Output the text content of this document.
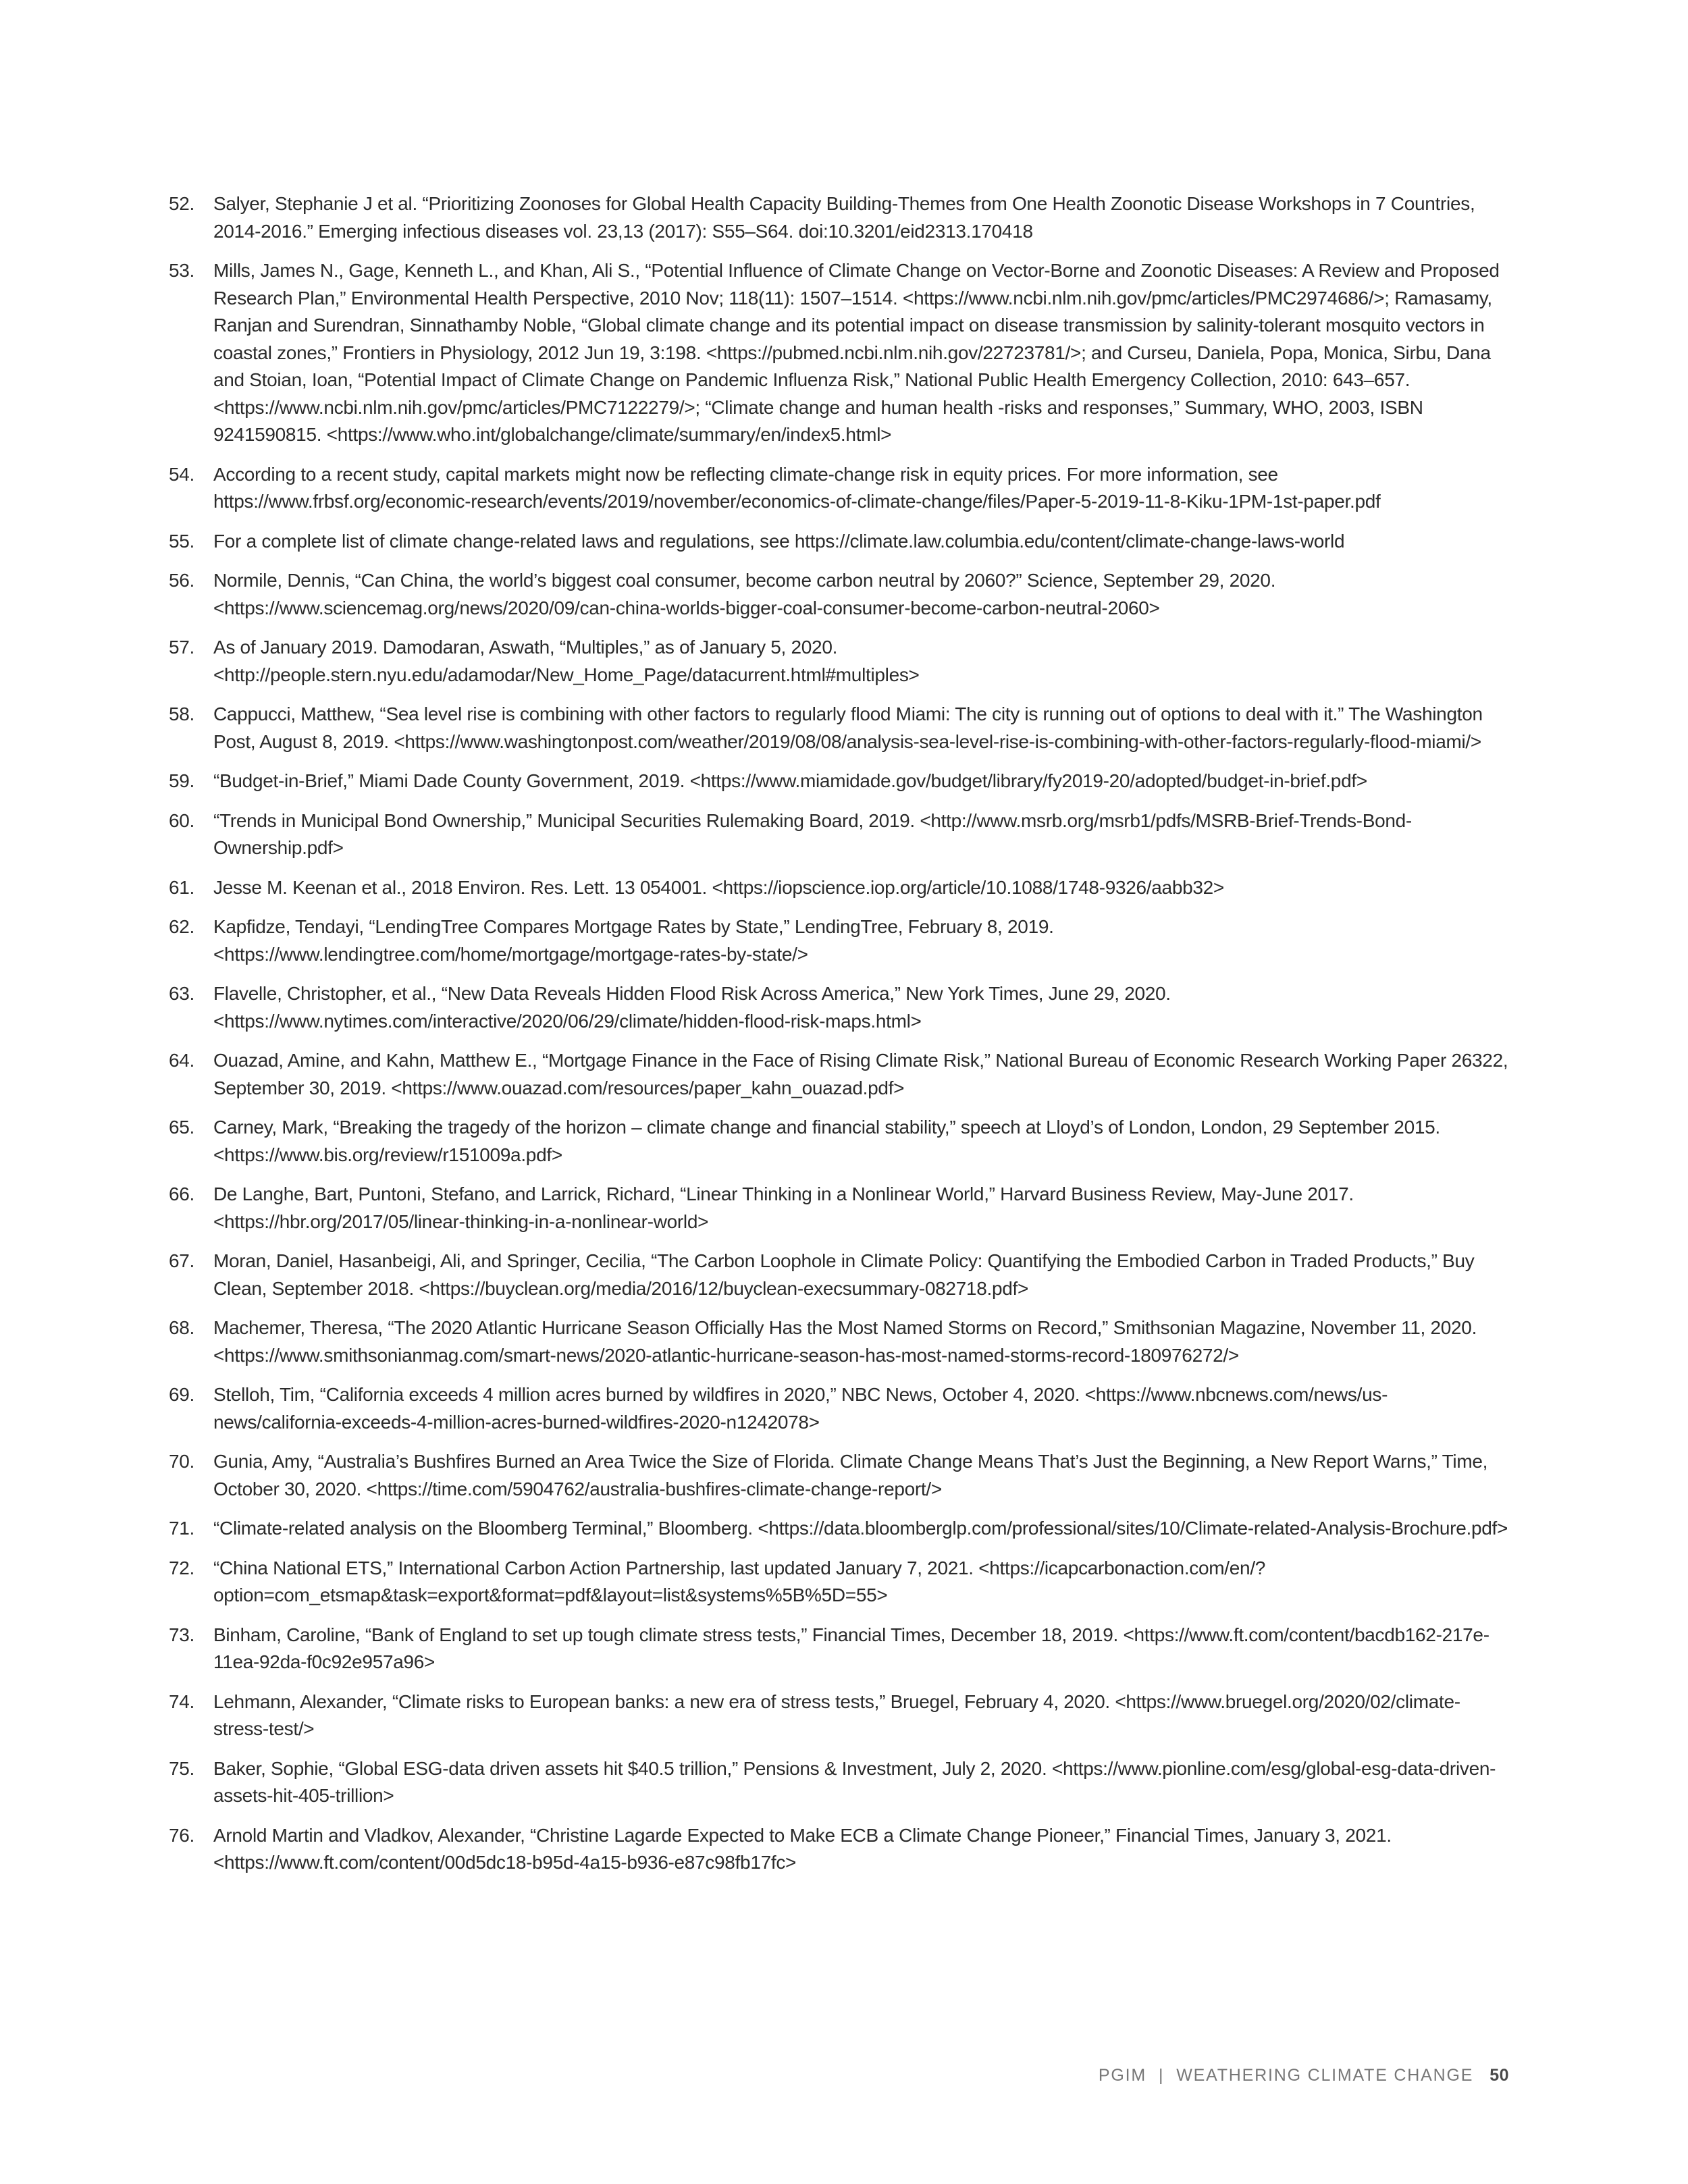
52. Salyer, Stephanie J et al. “Prioritizing Zoonoses for Global Health Capacity Building-Themes from One Health Zoonotic Disease Workshops in 7 Countries, 2014-2016.” Emerging infectious diseases vol. 23,13 (2017): S55–S64. doi:10.3201/eid2313.170418
53. Mills, James N., Gage, Kenneth L., and Khan, Ali S., “Potential Influence of Climate Change on Vector-Borne and Zoonotic Diseases: A Review and Proposed Research Plan,” Environmental Health Perspective, 2010 Nov; 118(11): 1507–1514. <https://www.ncbi.nlm.nih.gov/pmc/articles/PMC2974686/>; Ramasamy, Ranjan and Surendran, Sinnathamby Noble, “Global climate change and its potential impact on disease transmission by salinity-tolerant mosquito vectors in coastal zones,” Frontiers in Physiology, 2012 Jun 19, 3:198. <https://pubmed.ncbi.nlm.nih.gov/22723781/>; and Curseu, Daniela, Popa, Monica, Sirbu, Dana and Stoian, Ioan, “Potential Impact of Climate Change on Pandemic Influenza Risk,” National Public Health Emergency Collection, 2010: 643–657. <https://www.ncbi.nlm.nih.gov/pmc/articles/PMC7122279/>; “Climate change and human health -risks and responses,” Summary, WHO, 2003, ISBN 9241590815. <https://www.who.int/globalchange/climate/summary/en/index5.html>
54. According to a recent study, capital markets might now be reflecting climate-change risk in equity prices. For more information, see https://www.frbsf.org/economic-research/events/2019/november/economics-of-climate-change/files/Paper-5-2019-11-8-Kiku-1PM-1st-paper.pdf
55. For a complete list of climate change-related laws and regulations, see https://climate.law.columbia.edu/content/climate-change-laws-world
56. Normile, Dennis, “Can China, the world’s biggest coal consumer, become carbon neutral by 2060?” Science, September 29, 2020. <https://www.sciencemag.org/news/2020/09/can-china-worlds-bigger-coal-consumer-become-carbon-neutral-2060>
57. As of January 2019. Damodaran, Aswath, “Multiples,” as of January 5, 2020. <http://people.stern.nyu.edu/adamodar/New_Home_Page/datacurrent.html#multiples>
58. Cappucci, Matthew, “Sea level rise is combining with other factors to regularly flood Miami: The city is running out of options to deal with it.” The Washington Post, August 8, 2019. <https://www.washingtonpost.com/weather/2019/08/08/analysis-sea-level-rise-is-combining-with-other-factors-regularly-flood-miami/>
59. “Budget-in-Brief,” Miami Dade County Government, 2019. <https://www.miamidade.gov/budget/library/fy2019-20/adopted/budget-in-brief.pdf>
60. “Trends in Municipal Bond Ownership,” Municipal Securities Rulemaking Board, 2019. <http://www.msrb.org/msrb1/pdfs/MSRB-Brief-Trends-Bond-Ownership.pdf>
61. Jesse M. Keenan et al., 2018 Environ. Res. Lett. 13 054001. <https://iopscience.iop.org/article/10.1088/1748-9326/aabb32>
62. Kapfidze, Tendayi, “LendingTree Compares Mortgage Rates by State,” LendingTree, February 8, 2019. <https://www.lendingtree.com/home/mortgage/mortgage-rates-by-state/>
63. Flavelle, Christopher, et al., “New Data Reveals Hidden Flood Risk Across America,” New York Times, June 29, 2020. <https://www.nytimes.com/interactive/2020/06/29/climate/hidden-flood-risk-maps.html>
64. Ouazad, Amine, and Kahn, Matthew E., “Mortgage Finance in the Face of Rising Climate Risk,” National Bureau of Economic Research Working Paper 26322, September 30, 2019. <https://www.ouazad.com/resources/paper_kahn_ouazad.pdf>
65. Carney, Mark, “Breaking the tragedy of the horizon – climate change and financial stability,” speech at Lloyd’s of London, London, 29 September 2015. <https://www.bis.org/review/r151009a.pdf>
66. De Langhe, Bart, Puntoni, Stefano, and Larrick, Richard, “Linear Thinking in a Nonlinear World,” Harvard Business Review, May-June 2017. <https://hbr.org/2017/05/linear-thinking-in-a-nonlinear-world>
67. Moran, Daniel, Hasanbeigi, Ali, and Springer, Cecilia, “The Carbon Loophole in Climate Policy: Quantifying the Embodied Carbon in Traded Products,” Buy Clean, September 2018. <https://buyclean.org/media/2016/12/buyclean-execsummary-082718.pdf>
68. Machemer, Theresa, “The 2020 Atlantic Hurricane Season Officially Has the Most Named Storms on Record,” Smithsonian Magazine, November 11, 2020. <https://www.smithsonianmag.com/smart-news/2020-atlantic-hurricane-season-has-most-named-storms-record-180976272/>
69. Stelloh, Tim, “California exceeds 4 million acres burned by wildfires in 2020,” NBC News, October 4, 2020. <https://www.nbcnews.com/news/us-news/california-exceeds-4-million-acres-burned-wildfires-2020-n1242078>
70. Gunia, Amy, “Australia’s Bushfires Burned an Area Twice the Size of Florida. Climate Change Means That’s Just the Beginning, a New Report Warns,” Time, October 30, 2020. <https://time.com/5904762/australia-bushfires-climate-change-report/>
71. “Climate-related analysis on the Bloomberg Terminal,” Bloomberg. <https://data.bloomberglp.com/professional/sites/10/Climate-related-Analysis-Brochure.pdf>
72. “China National ETS,” International Carbon Action Partnership, last updated January 7, 2021. <https://icapcarbonaction.com/en/?option=com_etsmap&task=export&format=pdf&layout=list&systems%5B%5D=55>
73. Binham, Caroline, “Bank of England to set up tough climate stress tests,” Financial Times, December 18, 2019. <https://www.ft.com/content/bacdb162-217e-11ea-92da-f0c92e957a96>
74. Lehmann, Alexander, “Climate risks to European banks: a new era of stress tests,” Bruegel, February 4, 2020. <https://www.bruegel.org/2020/02/climate-stress-test/>
75. Baker, Sophie, “Global ESG-data driven assets hit $40.5 trillion,” Pensions & Investment, July 2, 2020. <https://www.pionline.com/esg/global-esg-data-driven-assets-hit-405-trillion>
76. Arnold Martin and Vladkov, Alexander, “Christine Lagarde Expected to Make ECB a Climate Change Pioneer,” Financial Times, January 3, 2021. <https://www.ft.com/content/00d5dc18-b95d-4a15-b936-e87c98fb17fc>
PGIM | WEATHERING CLIMATE CHANGE 50
